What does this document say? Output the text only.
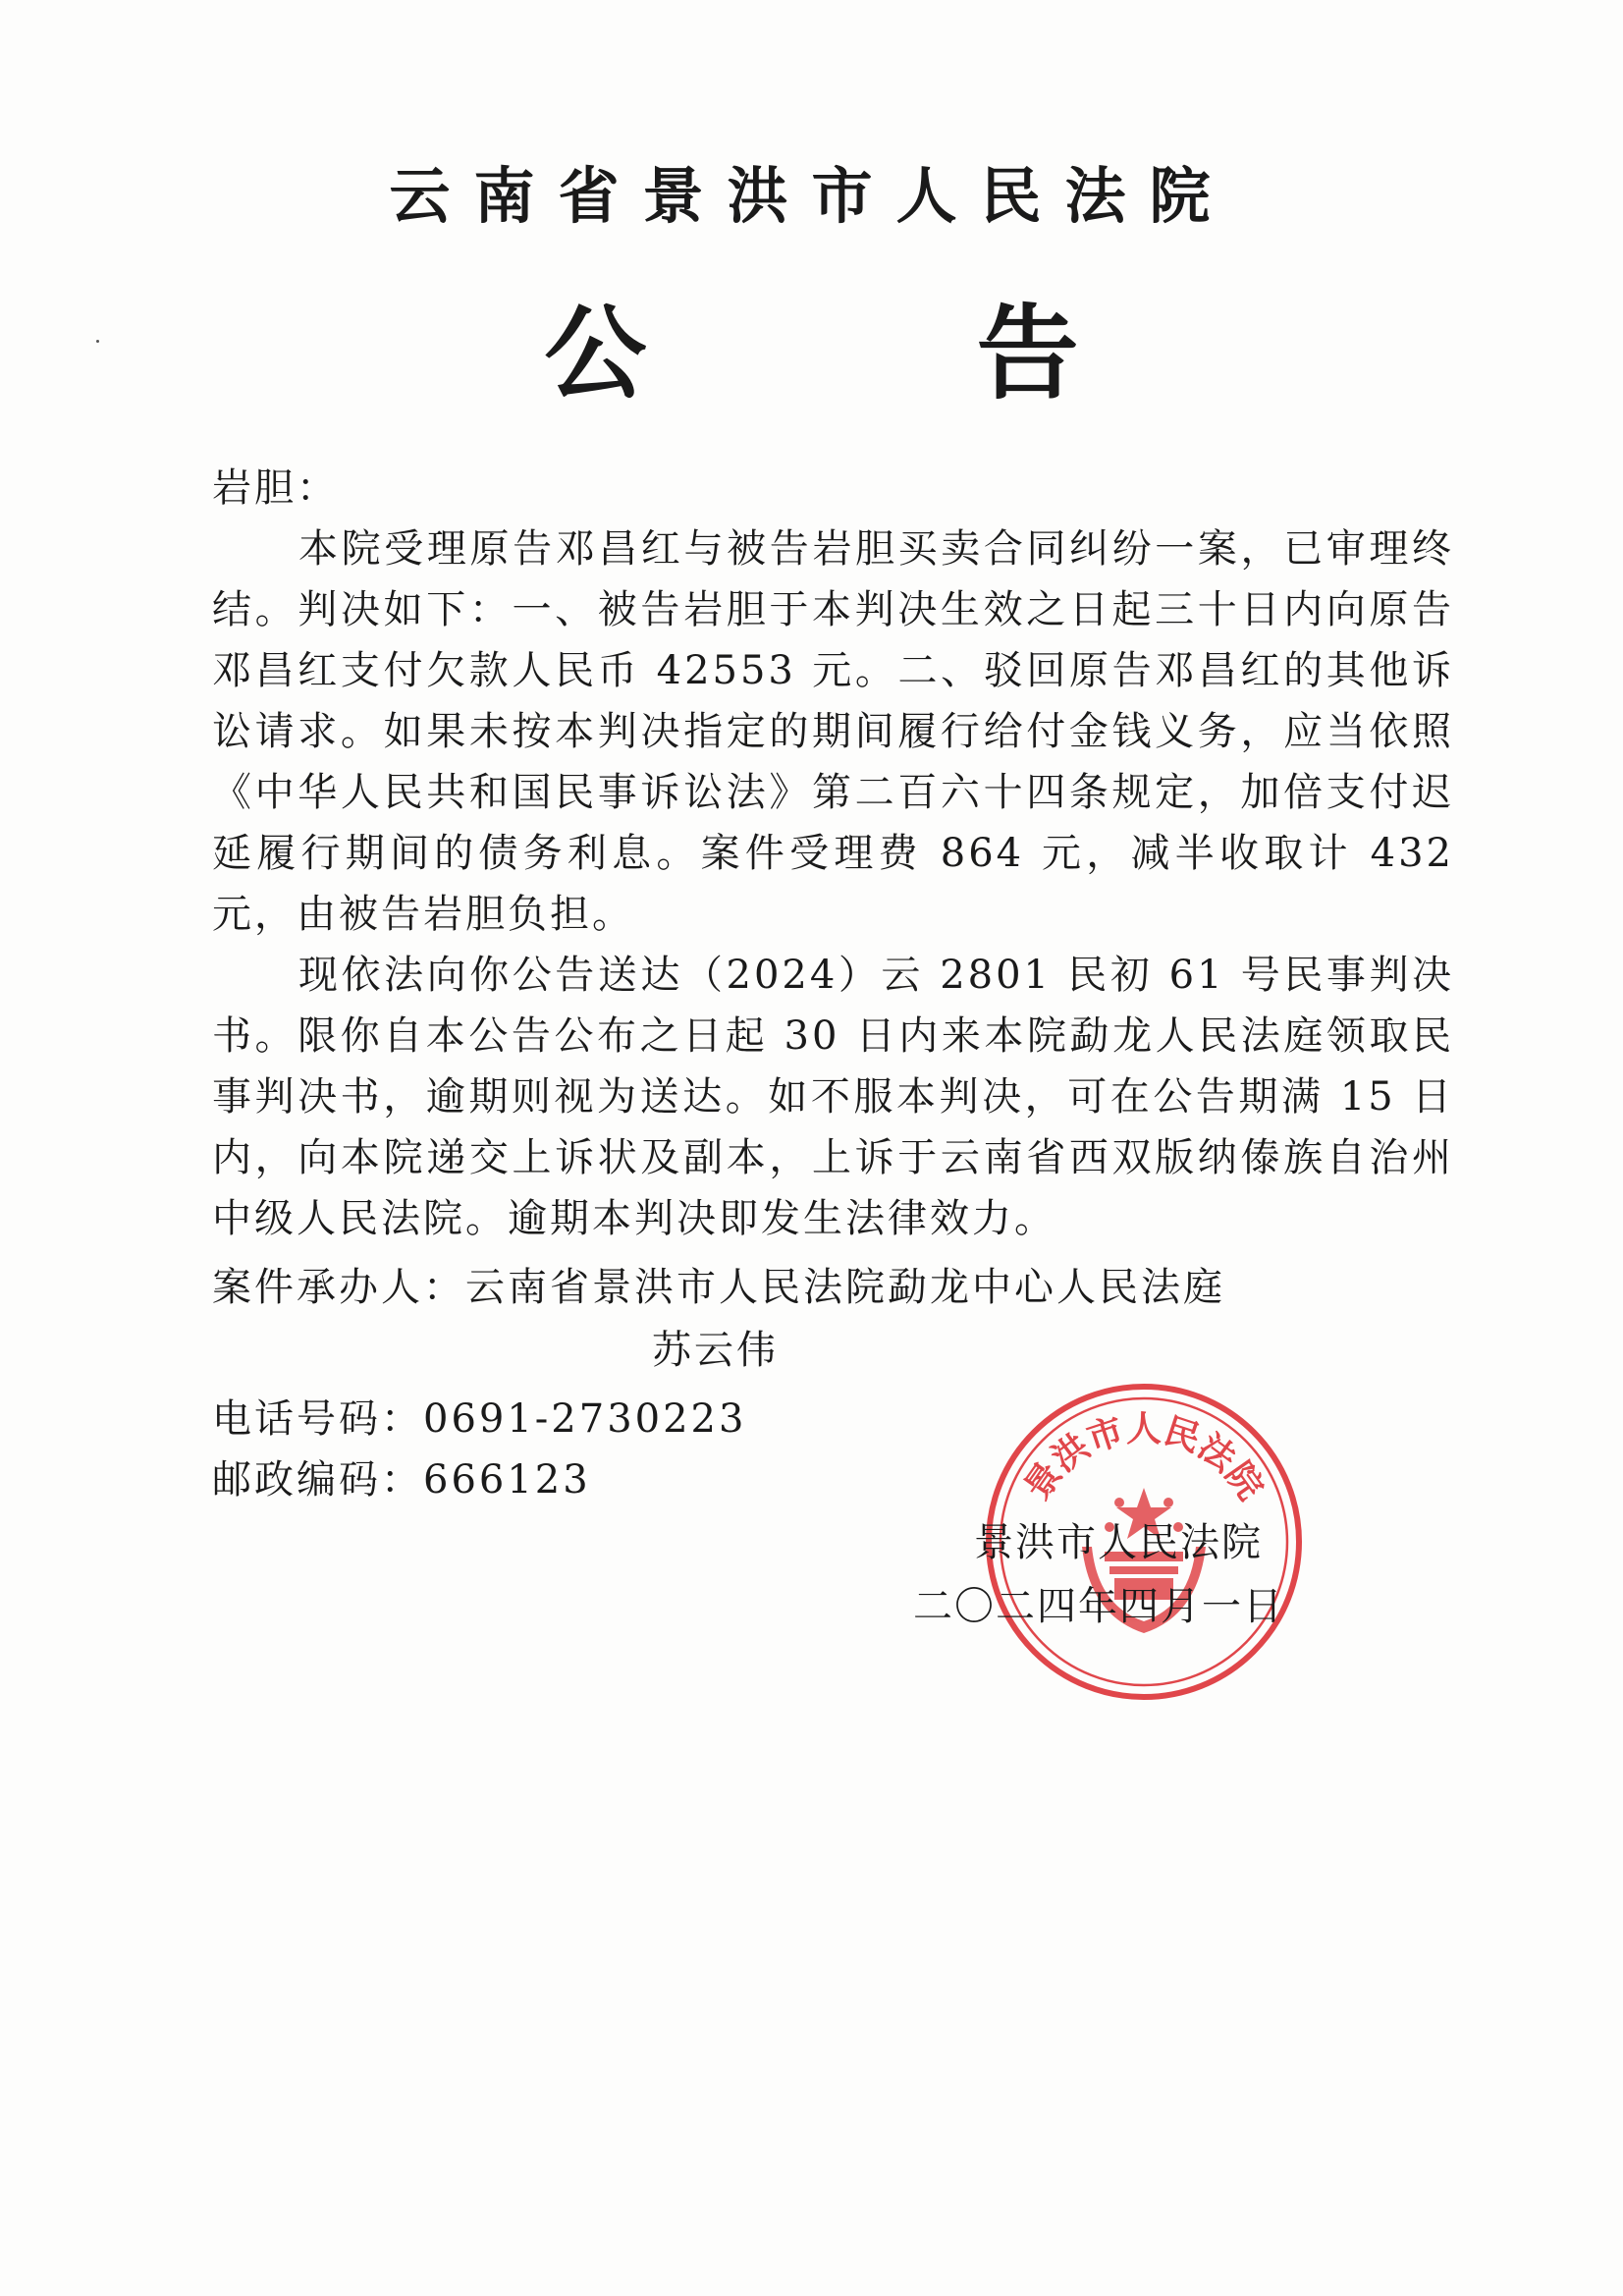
云南省景洪市人民法院
公 告

岩胆：

本院受理原告邓昌红与被告岩胆买卖合同纠纷一案，已审理终结。判决如下：一、被告岩胆于本判决生效之日起三十日内向原告邓昌红支付欠款人民币 42553 元。二、驳回原告邓昌红的其他诉讼请求。如果未按本判决指定的期间履行给付金钱义务，应当依照《中华人民共和国民事诉讼法》第二百六十四条规定，加倍支付迟延履行期间的债务利息。案件受理费 864 元，减半收取计 432 元，由被告岩胆负担。

现依法向你公告送达（2024）云 2801 民初 61 号民事判决书。限你自本公告公布之日起 30 日内来本院勐龙人民法庭领取民事判决书，逾期则视为送达。如不服本判决，可在公告期满 15 日内，向本院递交上诉状及副本，上诉于云南省西双版纳傣族自治州中级人民法院。逾期本判决即发生法律效力。

案件承办人：云南省景洪市人民法院勐龙中心人民法庭
苏云伟
电话号码：0691-2730223
邮政编码：666123	景洪市人民法院
景洪市人民法院
二〇二四年四月一日
